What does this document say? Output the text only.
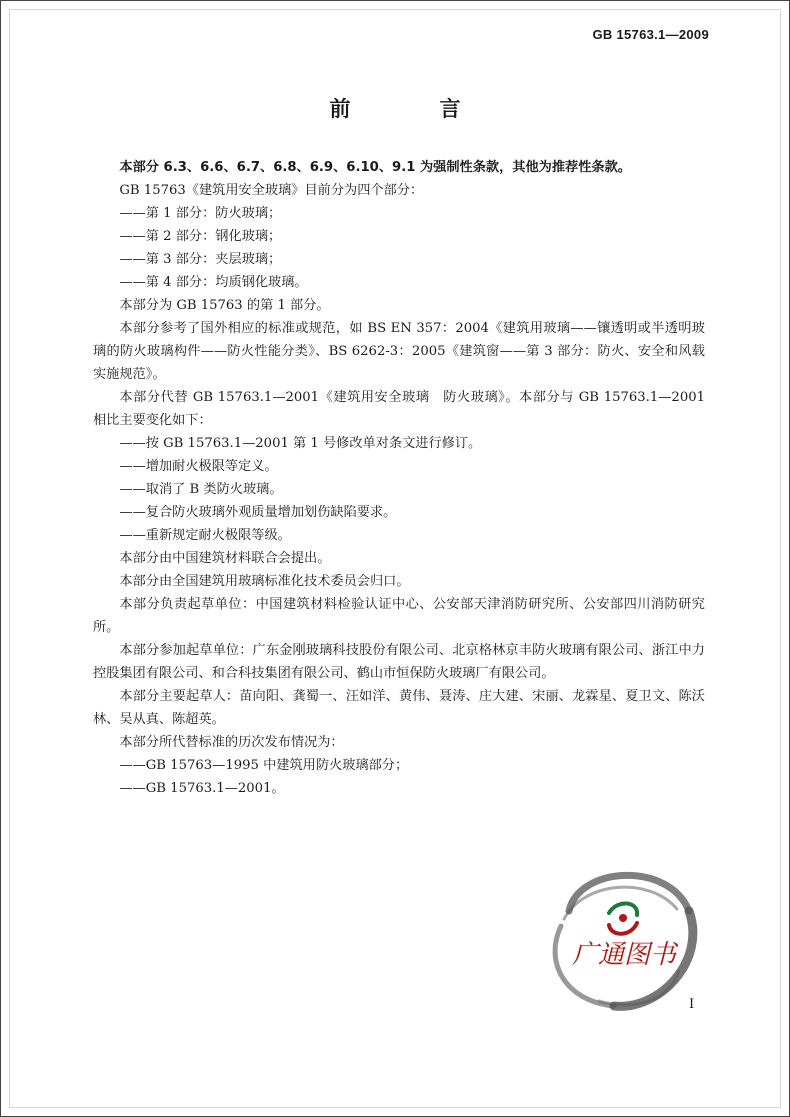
GB 15763.1—2009
前　言

本部分 6.3、6.6、6.7、6.8、6.9、6.10、9.1 为强制性条款，其他为推荐性条款。

GB 15763《建筑用安全玻璃》目前分为四个部分：

——第 1 部分：防火玻璃；

——第 2 部分：钢化玻璃；

——第 3 部分：夹层玻璃；

——第 4 部分：均质钢化玻璃。

本部分为 GB 15763 的第 1 部分。

本部分参考了国外相应的标准或规范，如 BS EN 357：2004《建筑用玻璃——镶透明或半透明玻璃的防火玻璃构件——防火性能分类》、BS 6262-3：2005《建筑窗——第 3 部分：防火、安全和风载实施规范》。

本部分代替 GB 15763.1—2001《建筑用安全玻璃　防火玻璃》。本部分与 GB 15763.1—2001 相比主要变化如下：

——按 GB 15763.1—2001 第 1 号修改单对条文进行修订。

——增加耐火极限等定义。

——取消了 B 类防火玻璃。

——复合防火玻璃外观质量增加划伤缺陷要求。

——重新规定耐火极限等级。

本部分由中国建筑材料联合会提出。

本部分由全国建筑用玻璃标准化技术委员会归口。

本部分负责起草单位：中国建筑材料检验认证中心、公安部天津消防研究所、公安部四川消防研究所。

本部分参加起草单位：广东金刚玻璃科技股份有限公司、北京格林京丰防火玻璃有限公司、浙江中力控股集团有限公司、和合科技集团有限公司、鹤山市恒保防火玻璃厂有限公司。

本部分主要起草人：苗向阳、龚蜀一、汪如洋、黄伟、聂涛、庄大建、宋丽、龙霖星、夏卫文、陈沃林、吴从真、陈超英。

本部分所代替标准的历次发布情况为：

——GB 15763—1995 中建筑用防火玻璃部分；

——GB 15763.1—2001。

广通图书
I
